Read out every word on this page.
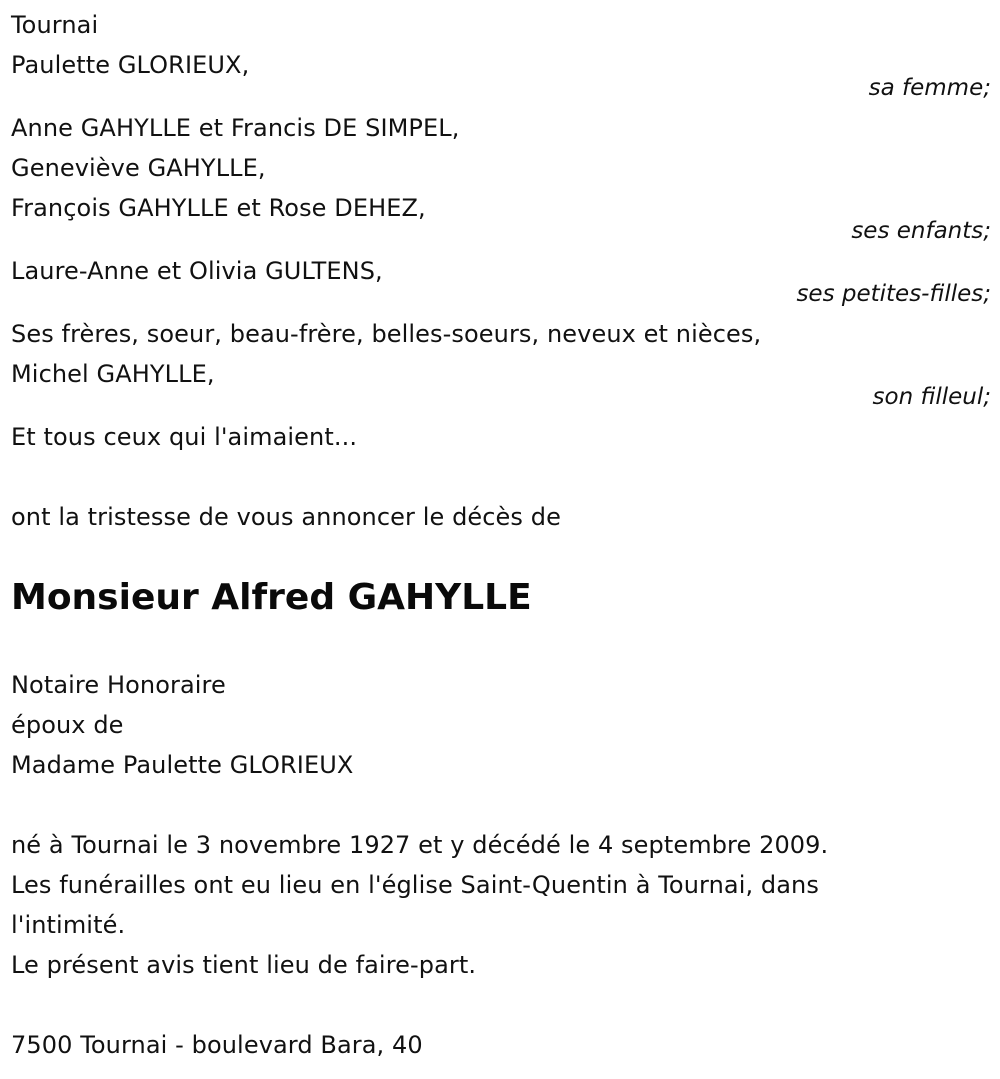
Tournai
Paulette GLORIEUX,
sa femme;
Anne GAHYLLE et Francis DE SIMPEL,
Geneviève GAHYLLE,
François GAHYLLE et Rose DEHEZ,
ses enfants;
Laure-Anne et Olivia GULTENS,
ses petites-filles;
Ses frères, soeur, beau-frère, belles-soeurs, neveux et nièces,
Michel GAHYLLE,
son filleul;
Et tous ceux qui l'aimaient...
ont la tristesse de vous annoncer le décès de
Monsieur Alfred GAHYLLE
Notaire Honoraire
époux de
Madame Paulette GLORIEUX
né à Tournai le 3 novembre 1927 et y décédé le 4 septembre 2009.
Les funérailles ont eu lieu en l'église Saint-Quentin à Tournai, dans
l'intimité.
Le présent avis tient lieu de faire-part.
7500 Tournai - boulevard Bara, 40
